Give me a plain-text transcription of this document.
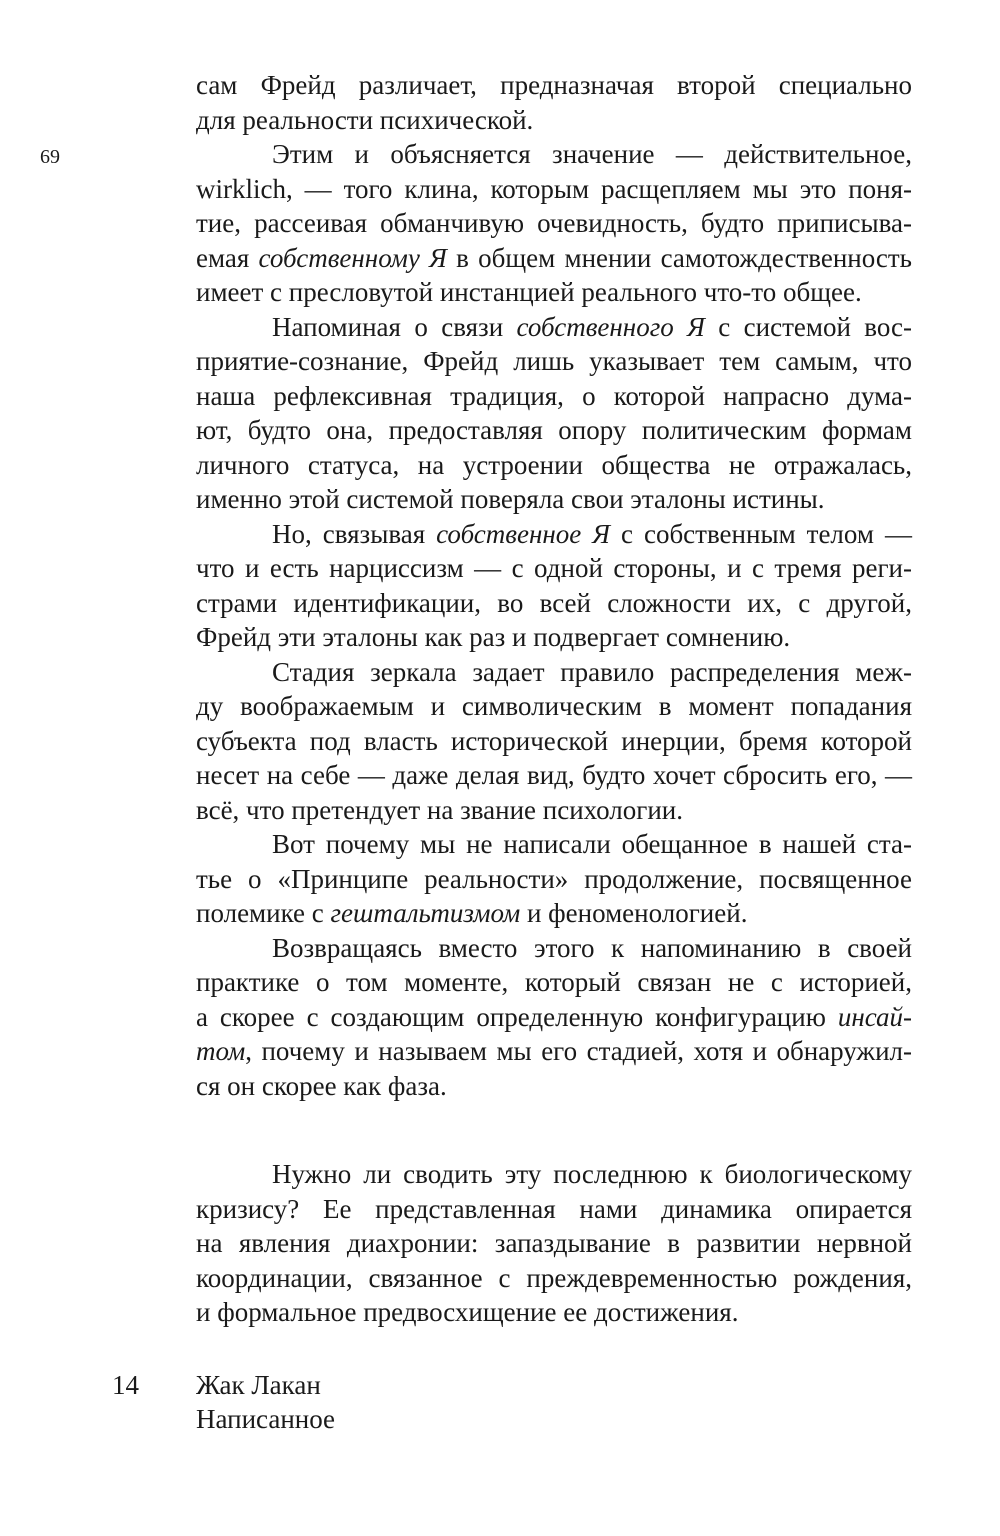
69
сам Фрейд различает, предназначая второй специально
для реальности психической.
Этим и объясняется значение — действительное,
wirklich, — того клина, которым расщепляем мы это поня-
тие, рассеивая обманчивую очевидность, будто приписыва-
емая собственному Я в общем мнении самотождественность
имеет с пресловутой инстанцией реального что-то общее.
Напоминая о связи собственного Я с системой вос-
приятие-сознание, Фрейд лишь указывает тем самым, что
наша рефлексивная традиция, о которой напрасно дума-
ют, будто она, предоставляя опору политическим формам
личного статуса, на устроении общества не отражалась,
именно этой системой поверяла свои эталоны истины.
Но, связывая собственное Я с собственным телом —
что и есть нарциссизм — с одной стороны, и с тремя реги-
страми идентификации, во всей сложности их, с другой,
Фрейд эти эталоны как раз и подвергает сомнению.
Стадия зеркала задает правило распределения меж-
ду воображаемым и символическим в момент попадания
субъекта под власть исторической инерции, бремя которой
несет на себе — даже делая вид, будто хочет сбросить его, —
всё, что претендует на звание психологии.
Вот почему мы не написали обещанное в нашей ста-
тье о «Принципе реальности» продолжение, посвященное
полемике с гештальтизмом и феноменологией.
Возвращаясь вместо этого к напоминанию в своей
практике о том моменте, который связан не с историей,
а скорее с создающим определенную конфигурацию инсай-
том, почему и называем мы его стадией, хотя и обнаружил-
ся он скорее как фаза.
Нужно ли сводить эту последнюю к биологическому
кризису? Ее представленная нами динамика опирается
на явления диахронии: запаздывание в развитии нервной
координации, связанное с преждевременностью рождения,
и формальное предвосхищение ее достижения.
14 Жак Лакан
Написанное
